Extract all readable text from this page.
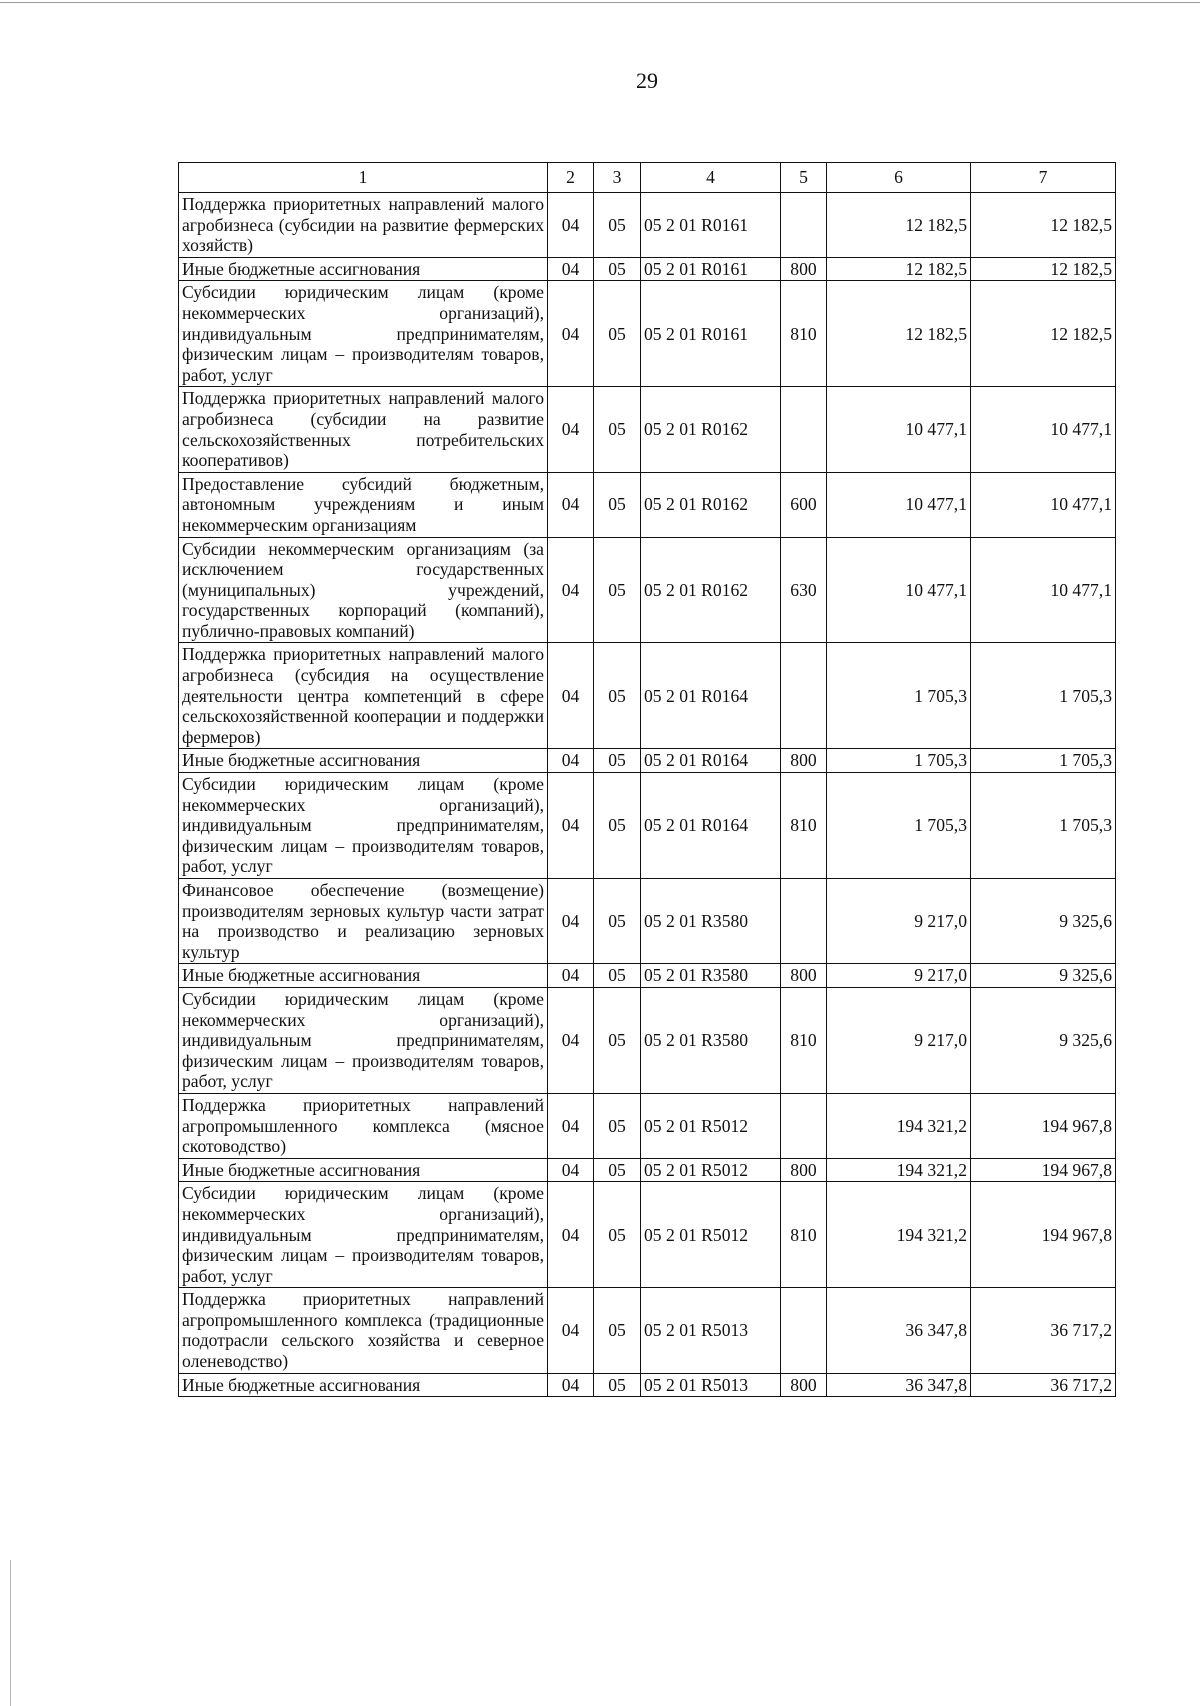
29
1	2	3	4	5	6	7
Поддержка приоритетных направлений малого агробизнеса (субсидии на развитие фермерских хозяйств)	04	05	05 2 01 R0161		12 182,5	12 182,5
Иные бюджетные ассигнования	04	05	05 2 01 R0161	800	12 182,5	12 182,5
Субсидии юридическим лицам (кроме некоммерческих организаций), индивидуальным предпринимателям, физическим лицам – производителям товаров, работ, услуг	04	05	05 2 01 R0161	810	12 182,5	12 182,5
Поддержка приоритетных направлений малого агробизнеса (субсидии на развитие сельскохозяйственных потребительских кооперативов)	04	05	05 2 01 R0162		10 477,1	10 477,1
Предоставление субсидий бюджетным, автономным учреждениям и иным некоммерческим организациям	04	05	05 2 01 R0162	600	10 477,1	10 477,1
Субсидии некоммерческим организациям (за исключением государственных (муниципальных) учреждений, государственных корпораций (компаний), публично-правовых компаний)	04	05	05 2 01 R0162	630	10 477,1	10 477,1
Поддержка приоритетных направлений малого агробизнеса (субсидия на осуществление деятельности центра компетенций в сфере сельскохозяйственной кооперации и поддержки фермеров)	04	05	05 2 01 R0164		1 705,3	1 705,3
Иные бюджетные ассигнования	04	05	05 2 01 R0164	800	1 705,3	1 705,3
Субсидии юридическим лицам (кроме некоммерческих организаций), индивидуальным предпринимателям, физическим лицам – производителям товаров, работ, услуг	04	05	05 2 01 R0164	810	1 705,3	1 705,3
Финансовое обеспечение (возмещение) производителям зерновых культур части затрат на производство и реализацию зерновых культур	04	05	05 2 01 R3580		9 217,0	9 325,6
Иные бюджетные ассигнования	04	05	05 2 01 R3580	800	9 217,0	9 325,6
Субсидии юридическим лицам (кроме некоммерческих организаций), индивидуальным предпринимателям, физическим лицам – производителям товаров, работ, услуг	04	05	05 2 01 R3580	810	9 217,0	9 325,6
Поддержка приоритетных направлений агропромышленного комплекса (мясное скотоводство)	04	05	05 2 01 R5012		194 321,2	194 967,8
Иные бюджетные ассигнования	04	05	05 2 01 R5012	800	194 321,2	194 967,8
Субсидии юридическим лицам (кроме некоммерческих организаций), индивидуальным предпринимателям, физическим лицам – производителям товаров, работ, услуг	04	05	05 2 01 R5012	810	194 321,2	194 967,8
Поддержка приоритетных направлений агропромышленного комплекса (традиционные подотрасли сельского хозяйства и северное оленеводство)	04	05	05 2 01 R5013		36 347,8	36 717,2
Иные бюджетные ассигнования	04	05	05 2 01 R5013	800	36 347,8	36 717,2
